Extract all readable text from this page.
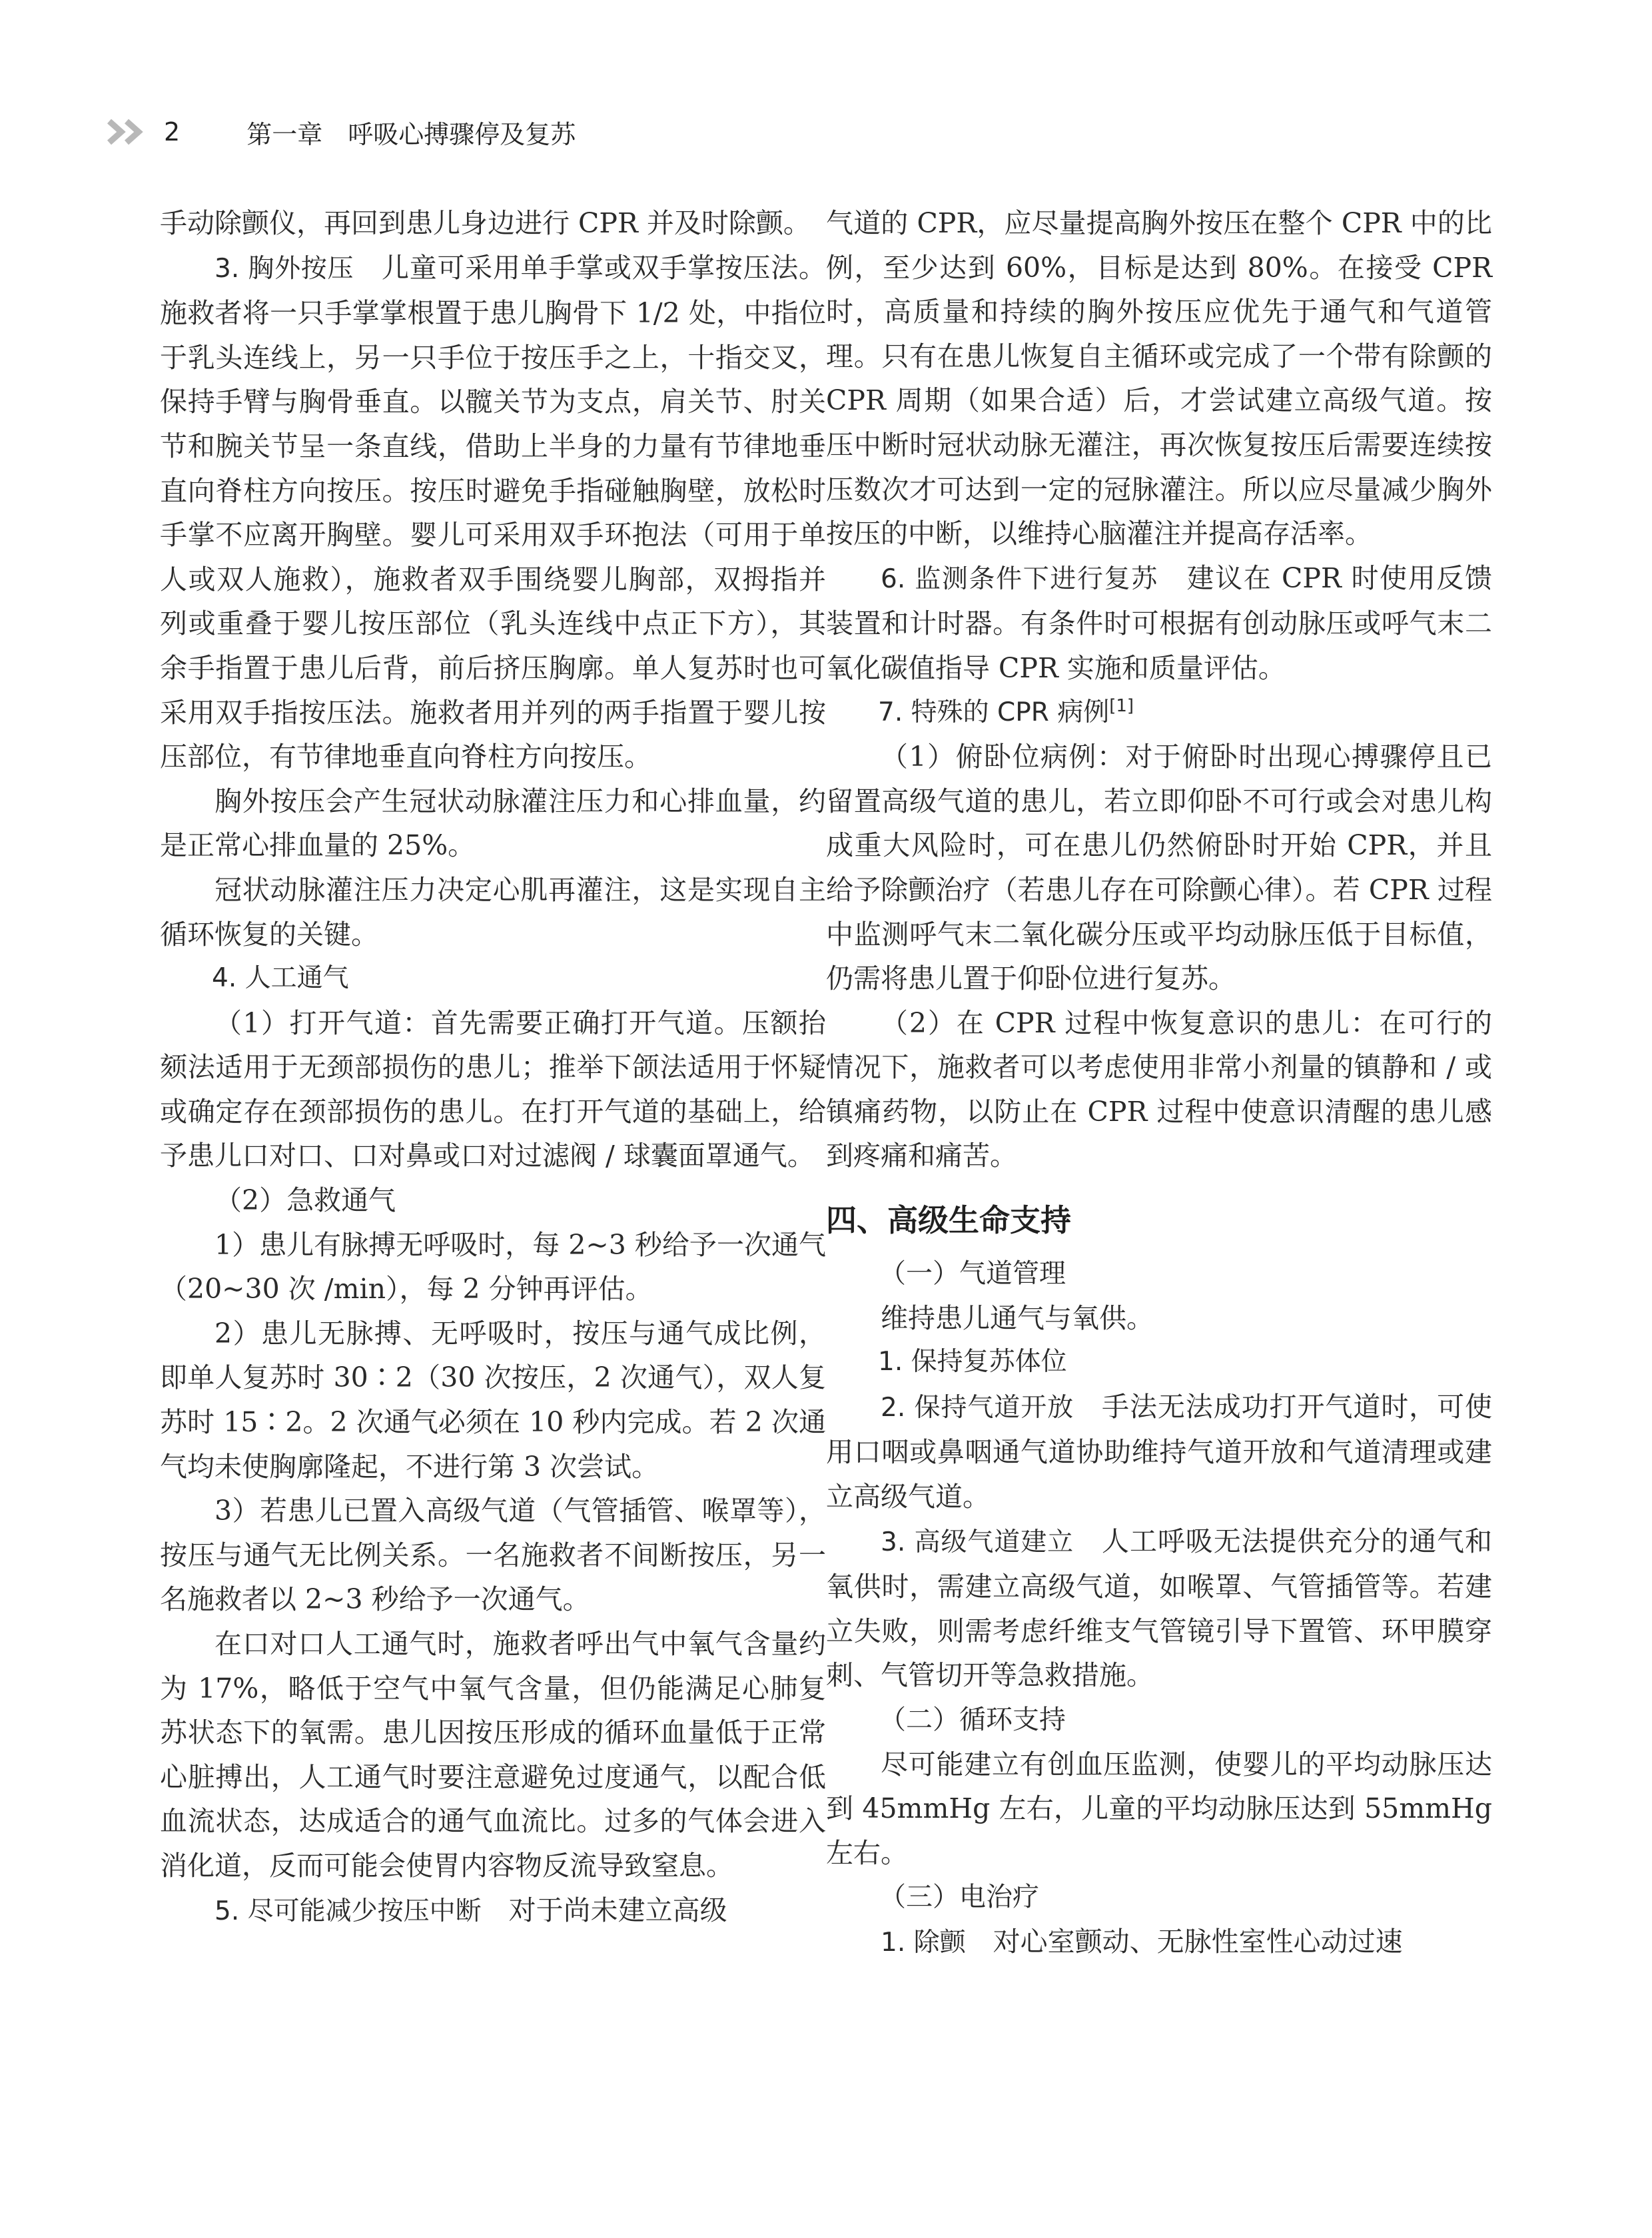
2	第一章　呼吸心搏骤停及复苏

手动除颤仪，再回到患儿身边进行 CPR 并及时除颤。

3. 胸外按压　 儿童可采用单手掌或双手掌按压法。施救者将一只手掌掌根置于患儿胸骨下 1/2 处，中指位于乳头连线上，另一只手位于按压手之上，十指交叉，保持手臂与胸骨垂直。以髋关节为支点，肩关节、肘关节和腕关节呈一条直线，借助上半身的力量有节律地垂直向脊柱方向按压。按压时避免手指碰触胸壁，放松时手掌不应离开胸壁。婴儿可采用双手环抱法（可用于单人或双人施救），施救者双手围绕婴儿胸部，双拇指并列或重叠于婴儿按压部位（乳头连线中点正下方），其余手指置于患儿后背，前后挤压胸廓。单人复苏时也可采用双手指按压法。施救者用并列的两手指置于婴儿按压部位，有节律地垂直向脊柱方向按压。

胸外按压会产生冠状动脉灌注压力和心排血量，约是正常心排血量的 25%。

冠状动脉灌注压力决定心肌再灌注，这是实现自主循环恢复的关键。

4. 人工通气

（1）打开气道：首先需要正确打开气道。压额抬颏法适用于无颈部损伤的患儿；推举下颌法适用于怀疑或确定存在颈部损伤的患儿。在打开气道的基础上，给予患儿口对口、口对鼻或口对过滤阀 / 球囊面罩通气。

（2）急救通气

1）患儿有脉搏无呼吸时，每 2~3 秒给予一次通气（20~30 次 /min），每 2 分钟再评估。

2）患儿无脉搏、无呼吸时，按压与通气成比例，即单人复苏时 30∶2（30 次按压，2 次通气），双人复苏时 15∶2。2 次通气必须在 10 秒内完成。若 2 次通气均未使胸廓隆起，不进行第 3 次尝试。

3）若患儿已置入高级气道（气管插管、喉罩等），按压与通气无比例关系。一名施救者不间断按压，另一名施救者以 2~3 秒给予一次通气。

在口对口人工通气时，施救者呼出气中氧气含量约为 17%，略低于空气中氧气含量，但仍能满足心肺复苏状态下的氧需。患儿因按压形成的循环血量低于正常心脏搏出，人工通气时要注意避免过度通气，以配合低血流状态，达成适合的通气血流比。过多的气体会进入消化道，反而可能会使胃内容物反流导致窒息。

5. 尽可能减少按压中断　 对于尚未建立高级

气道的 CPR，应尽量提高胸外按压在整个 CPR 中的比例，至少达到 60%，目标是达到 80%。在接受 CPR 时，高质量和持续的胸外按压应优先于通气和气道管理。只有在患儿恢复自主循环或完成了一个带有除颤的 CPR 周期（如果合适）后，才尝试建立高级气道。按压中断时冠状动脉无灌注，再次恢复按压后需要连续按压数次才可达到一定的冠脉灌注。所以应尽量减少胸外按压的中断，以维持心脑灌注并提高存活率。

6. 监测条件下进行复苏　 建议在 CPR 时使用反馈装置和计时器。有条件时可根据有创动脉压或呼气末二氧化碳值指导 CPR 实施和质量评估。

7. 特殊的 CPR 病例[1]

（1）俯卧位病例：对于俯卧时出现心搏骤停且已留置高级气道的患儿，若立即仰卧不可行或会对患儿构成重大风险时，可在患儿仍然俯卧时开始 CPR，并且给予除颤治疗（若患儿存在可除颤心律）。若 CPR 过程中监测呼气末二氧化碳分压或平均动脉压低于目标值，仍需将患儿置于仰卧位进行复苏。

（2）在 CPR 过程中恢复意识的患儿：在可行的情况下，施救者可以考虑使用非常小剂量的镇静和 / 或镇痛药物，以防止在 CPR 过程中使意识清醒的患儿感到疼痛和痛苦。

四、高级生命支持

（一）气道管理

维持患儿通气与氧供。

1. 保持复苏体位

2. 保持气道开放　 手法无法成功打开气道时，可使用口咽或鼻咽通气道协助维持气道开放和气道清理或建立高级气道。

3. 高级气道建立　 人工呼吸无法提供充分的通气和氧供时，需建立高级气道，如喉罩、气管插管等。若建立失败，则需考虑纤维支气管镜引导下置管、环甲膜穿刺、气管切开等急救措施。

（二）循环支持

尽可能建立有创血压监测，使婴儿的平均动脉压达到 45mmHg 左右，儿童的平均动脉压达到 55mmHg 左右。

（三）电治疗

1. 除颤　 对心室颤动、无脉性室性心动过速
